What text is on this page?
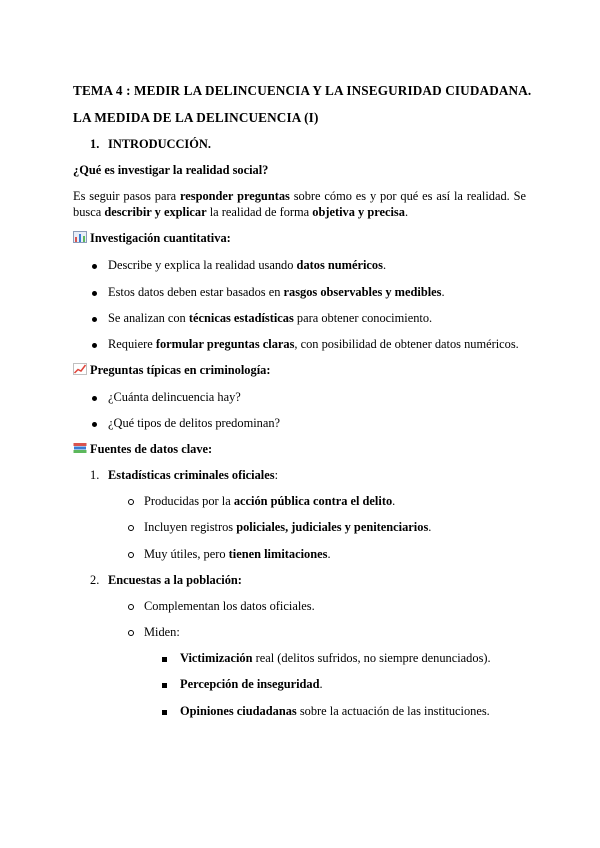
TEMA 4 : MEDIR LA DELINCUENCIA Y LA INSEGURIDAD CIUDADANA.
LA MEDIDA DE LA DELINCUENCIA (I)
1. INTRODUCCIÓN.
¿Qué es investigar la realidad social?
Es seguir pasos para responder preguntas sobre cómo es y por qué es así la realidad. Se
busca describir y explicar la realidad de forma objetiva y precisa.
Investigación cuantitativa:
Describe y explica la realidad usando datos numéricos.
Estos datos deben estar basados en rasgos observables y medibles.
Se analizan con técnicas estadísticas para obtener conocimiento.
Requiere formular preguntas claras, con posibilidad de obtener datos numéricos.
Preguntas típicas en criminología:
¿Cuánta delincuencia hay?
¿Qué tipos de delitos predominan?
Fuentes de datos clave:
1. Estadísticas criminales oficiales:
Producidas por la acción pública contra el delito.
Incluyen registros policiales, judiciales y penitenciarios.
Muy útiles, pero tienen limitaciones.
2. Encuestas a la población:
Complementan los datos oficiales.
Miden:
Victimización real (delitos sufridos, no siempre denunciados).
Percepción de inseguridad.
Opiniones ciudadanas sobre la actuación de las instituciones.
